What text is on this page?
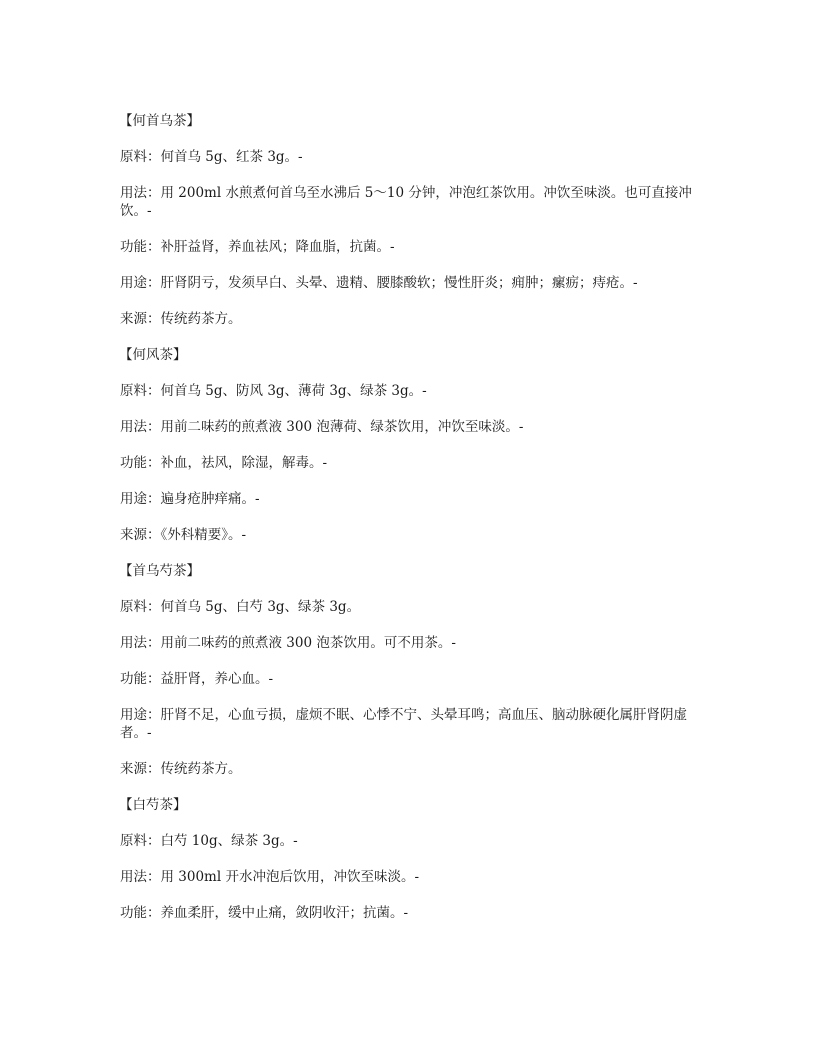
【何首乌茶】
原料：何首乌 5g、红茶 3g。-
用法：用 200ml 水煎煮何首乌至水沸后 5～10 分钟，冲泡红茶饮用。冲饮至味淡。也可直接冲饮。-
功能：补肝益肾，养血祛风；降血脂，抗菌。-
用途：肝肾阴亏，发须早白、头晕、遗精、腰膝酸软；慢性肝炎；痈肿；瘰疬；痔疮。-
来源：传统药茶方。
【何风茶】
原料：何首乌 5g、防风 3g、薄荷 3g、绿茶 3g。-
用法：用前二味药的煎煮液 300 泡薄荷、绿茶饮用，冲饮至味淡。-
功能：补血，祛风，除湿，解毒。-
用途：遍身疮肿痒痛。-
来源：《外科精要》。-
【首乌芍茶】
原料：何首乌 5g、白芍 3g、绿茶 3g。
用法：用前二味药的煎煮液 300 泡茶饮用。可不用茶。-
功能：益肝肾，养心血。-
用途：肝肾不足，心血亏损，虚烦不眠、心悸不宁、头晕耳鸣；高血压、脑动脉硬化属肝肾阴虚者。-
来源：传统药茶方。
【白芍茶】
原料：白芍 10g、绿茶 3g。-
用法：用 300ml 开水冲泡后饮用，冲饮至味淡。-
功能：养血柔肝，缓中止痛，敛阴收汗；抗菌。-
